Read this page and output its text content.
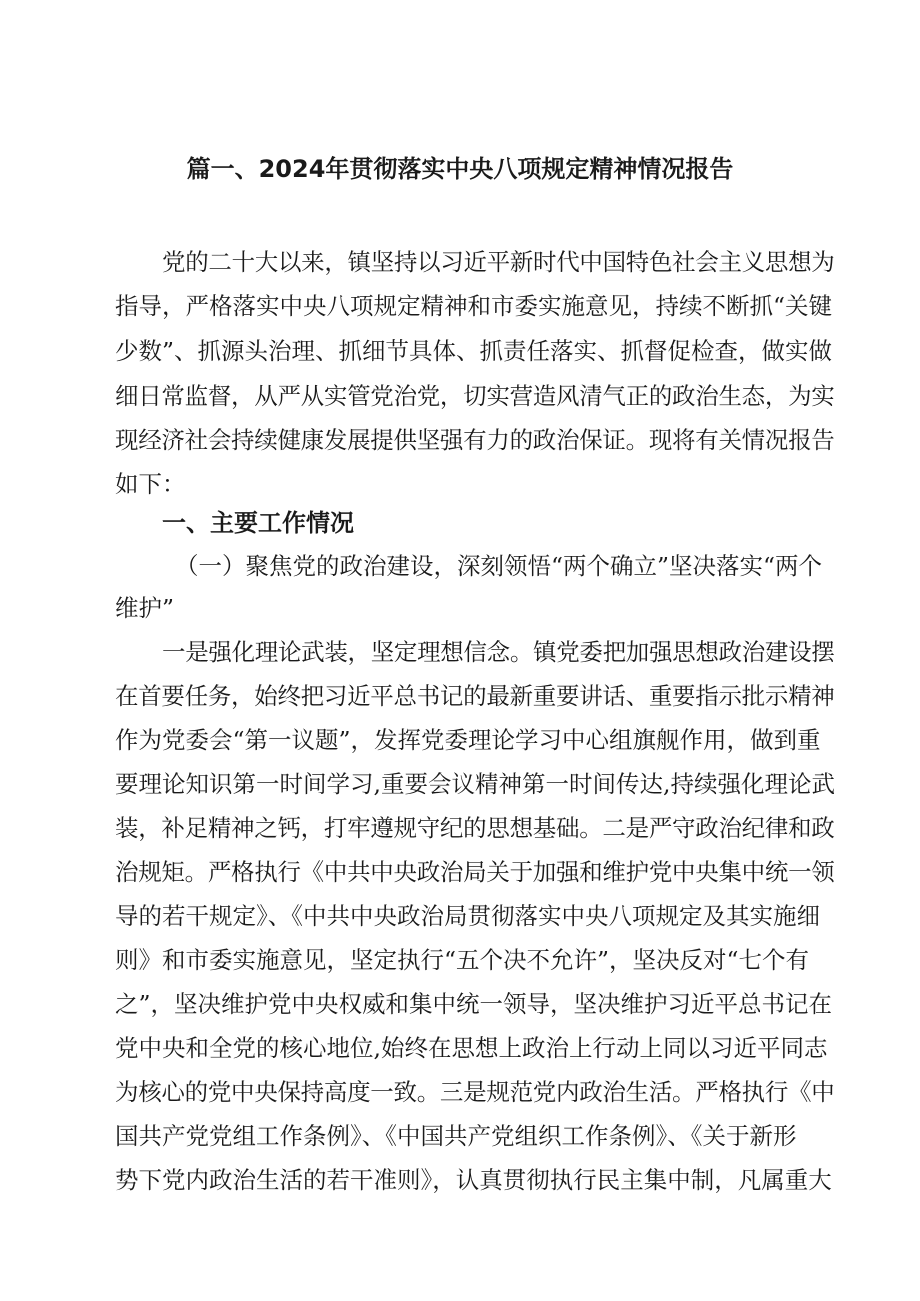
篇一、2024年贯彻落实中央八项规定精神情况报告

党的二十大以来，镇坚持以习近平新时代中国特色社会主义思想为

指导，严格落实中央八项规定精神和市委实施意见，持续不断抓“关键

少数”、抓源头治理、抓细节具体、抓责任落实、抓督促检查，做实做

细日常监督，从严从实管党治党，切实营造风清气正的政治生态，为实

现经济社会持续健康发展提供坚强有力的政治保证。现将有关情况报告

如下：

一、主要工作情况

（一）聚焦党的政治建设，深刻领悟“两个确立”坚决落实“两个

维护”

一是强化理论武装，坚定理想信念。镇党委把加强思想政治建设摆

在首要任务，始终把习近平总书记的最新重要讲话、重要指示批示精神

作为党委会“第一议题”，发挥党委理论学习中心组旗舰作用，做到重

要理论知识第一时间学习,重要会议精神第一时间传达,持续强化理论武

装，补足精神之钙，打牢遵规守纪的思想基础。二是严守政治纪律和政

治规矩。严格执行《中共中央政治局关于加强和维护党中央集中统一领

导的若干规定》、《中共中央政治局贯彻落实中央八项规定及其实施细

则》和市委实施意见，坚定执行“五个决不允许”，坚决反对“七个有

之”，坚决维护党中央权威和集中统一领导，坚决维护习近平总书记在

党中央和全党的核心地位,始终在思想上政治上行动上同以习近平同志

为核心的党中央保持高度一致。三是规范党内政治生活。严格执行《中

国共产党党组工作条例》、《中国共产党组织工作条例》、《关于新形

势下党内政治生活的若干准则》，认真贯彻执行民主集中制，凡属重大
